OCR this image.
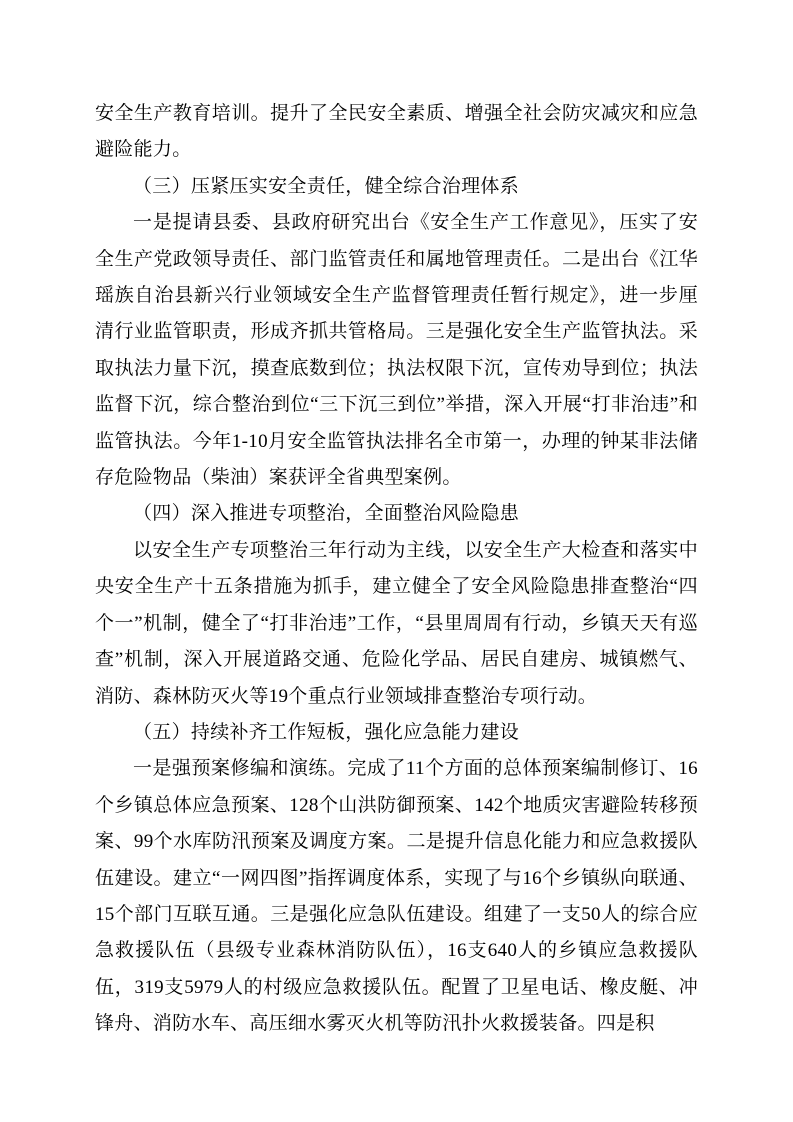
安全生产教育培训。提升了全民安全素质、增强全社会防灾减灾和应急避险能力。

（三）压紧压实安全责任，健全综合治理体系

一是提请县委、县政府研究出台《安全生产工作意见》，压实了安全生产党政领导责任、部门监管责任和属地管理责任。二是出台《江华瑶族自治县新兴行业领域安全生产监督管理责任暂行规定》，进一步厘清行业监管职责，形成齐抓共管格局。三是强化安全生产监管执法。采取执法力量下沉，摸查底数到位；执法权限下沉，宣传劝导到位；执法监督下沉，综合整治到位“三下沉三到位”举措，深入开展“打非治违”和监管执法。今年1-10月安全监管执法排名全市第一，办理的钟某非法储存危险物品（柴油）案获评全省典型案例。

（四）深入推进专项整治，全面整治风险隐患

以安全生产专项整治三年行动为主线，以安全生产大检查和落实中央安全生产十五条措施为抓手，建立健全了安全风险隐患排查整治“四个一”机制，健全了“打非治违”工作，“县里周周有行动，乡镇天天有巡查”机制，深入开展道路交通、危险化学品、居民自建房、城镇燃气、消防、森林防灭火等19个重点行业领域排查整治专项行动。

（五）持续补齐工作短板，强化应急能力建设

一是强预案修编和演练。完成了11个方面的总体预案编制修订、16个乡镇总体应急预案、128个山洪防御预案、142个地质灾害避险转移预案、99个水库防汛预案及调度方案。二是提升信息化能力和应急救援队伍建设。建立“一网四图”指挥调度体系，实现了与16个乡镇纵向联通、15个部门互联互通。三是强化应急队伍建设。组建了一支50人的综合应急救援队伍（县级专业森林消防队伍），16支640人的乡镇应急救援队伍，319支5979人的村级应急救援队伍。配置了卫星电话、橡皮艇、冲锋舟、消防水车、高压细水雾灭火机等防汛扑火救援装备。四是积
